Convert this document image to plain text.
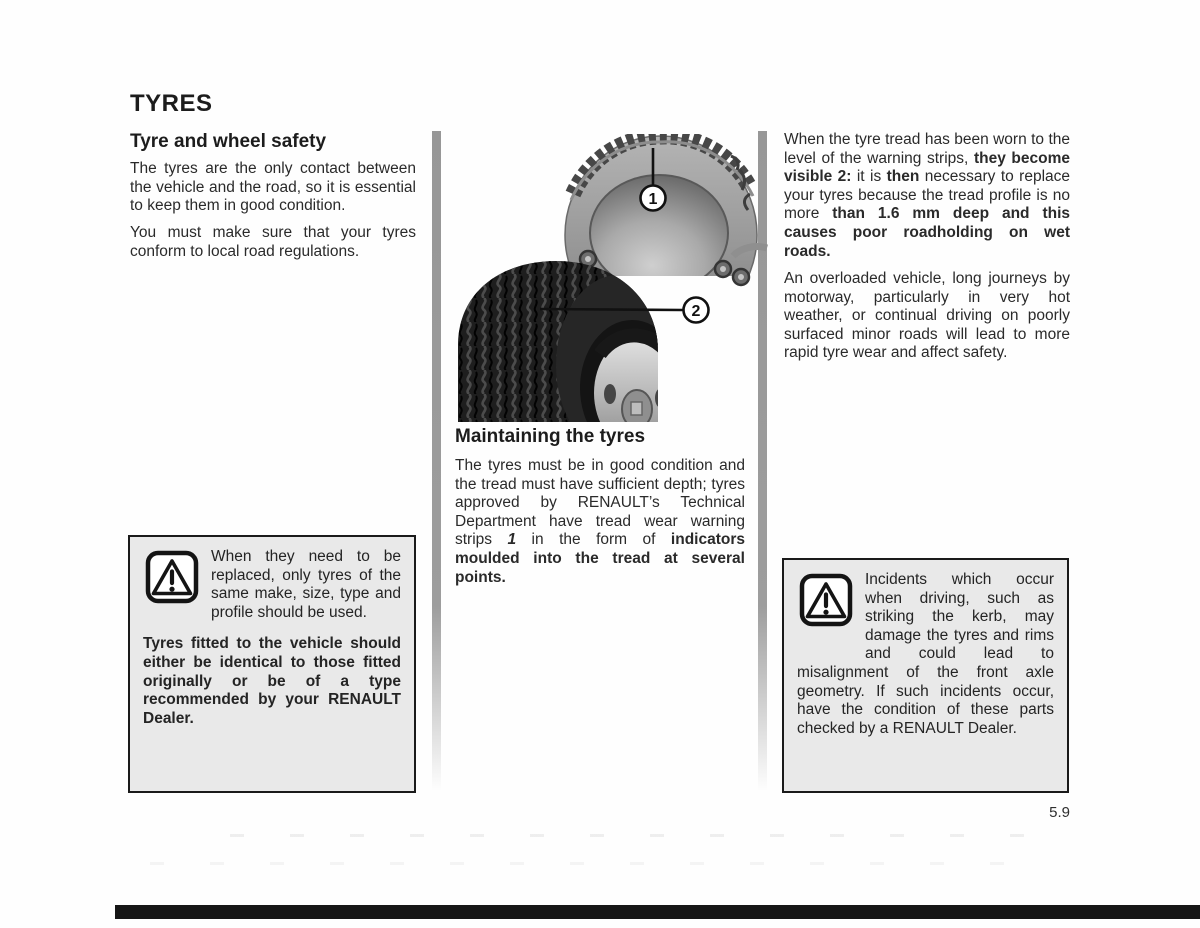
TYRES
Tyre and wheel safety
The tyres are the only contact between the vehicle and the road, so it is essential to keep them in good condition.
You must make sure that your tyres conform to local road regulations.
When they need to be replaced, only tyres of the same make, size, type and profile should be used.
Tyres fitted to the vehicle should either be identical to those fitted originally or be of a type recommended by your RENAULT Dealer.
1
2
Maintaining the tyres
The tyres must be in good condition and the tread must have sufficient depth; tyres approved by RENAULT’s Technical Department have tread wear warning strips 1 in the form of indicators moulded into the tread at several points.
When the tyre tread has been worn to the level of the warning strips, they become visible 2: it is then necessary to replace your tyres because the tread profile is no more than 1.6 mm deep and this causes poor roadholding on wet roads.
An overloaded vehicle, long journeys by motorway, particularly in very hot weather, or continual driving on poorly surfaced minor roads will lead to more rapid tyre wear and affect safety.
Incidents which occur when driving, such as striking the kerb, may damage the tyres and rims and could lead to misalignment of the front axle geometry. If such incidents occur, have the condition of these parts checked by a RENAULT Dealer.
5.9
